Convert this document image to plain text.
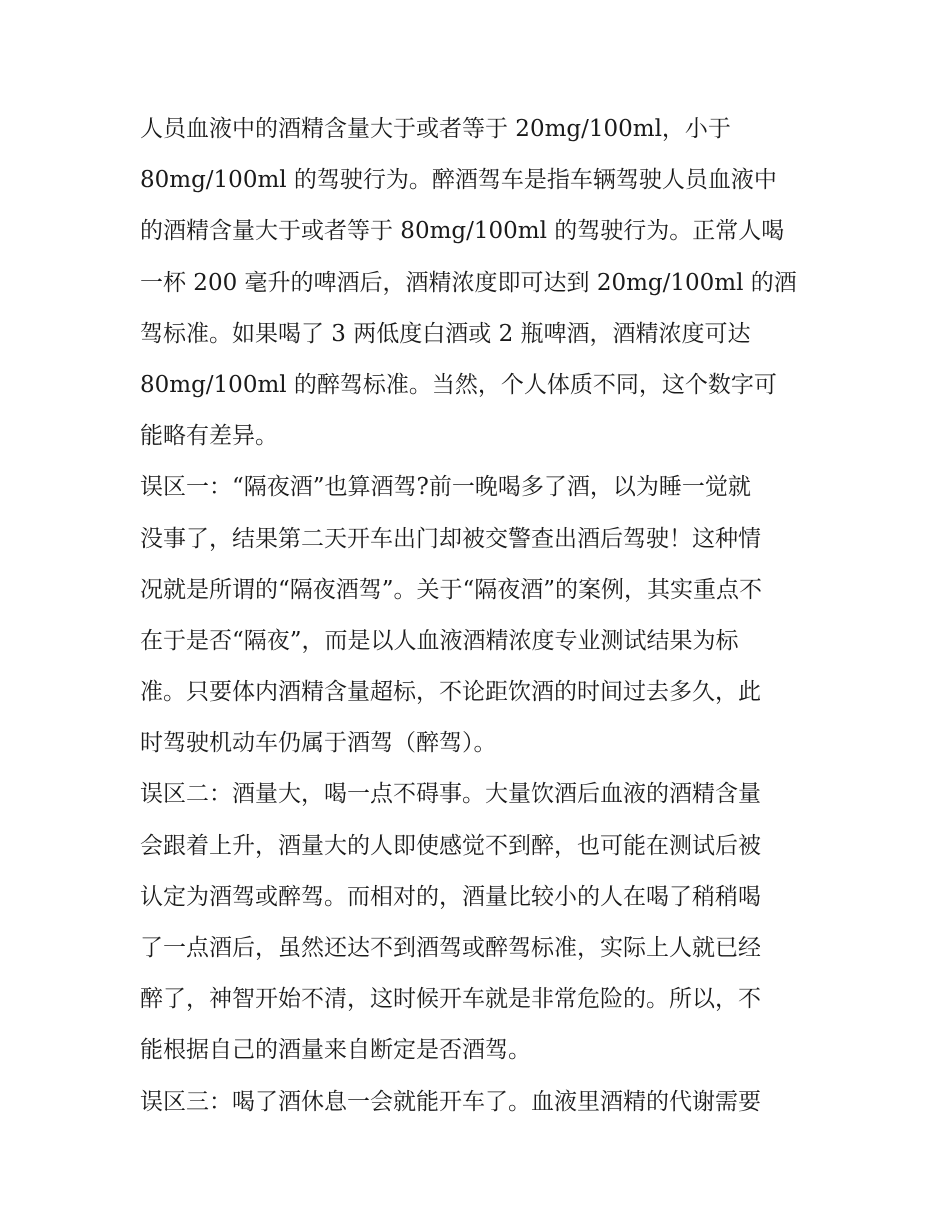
人员血液中的酒精含量大于或者等于 20mg/100ml，小于
80mg/100ml 的驾驶行为。醉酒驾车是指车辆驾驶人员血液中
的酒精含量大于或者等于 80mg/100ml 的驾驶行为。正常人喝
一杯 200 毫升的啤酒后，酒精浓度即可达到 20mg/100ml 的酒
驾标准。如果喝了 3 两低度白酒或 2 瓶啤酒，酒精浓度可达
80mg/100ml 的醉驾标准。当然，个人体质不同，这个数字可
能略有差异。
误区一：“隔夜酒”也算酒驾?前一晚喝多了酒，以为睡一觉就
没事了，结果第二天开车出门却被交警查出酒后驾驶！这种情
况就是所谓的“隔夜酒驾”。关于“隔夜酒”的案例，其实重点不
在于是否“隔夜”，而是以人血液酒精浓度专业测试结果为标
准。只要体内酒精含量超标，不论距饮酒的时间过去多久，此
时驾驶机动车仍属于酒驾（醉驾）。
误区二：酒量大，喝一点不碍事。大量饮酒后血液的酒精含量
会跟着上升，酒量大的人即使感觉不到醉，也可能在测试后被
认定为酒驾或醉驾。而相对的，酒量比较小的人在喝了稍稍喝
了一点酒后，虽然还达不到酒驾或醉驾标准，实际上人就已经
醉了，神智开始不清，这时候开车就是非常危险的。所以，不
能根据自己的酒量来自断定是否酒驾。
误区三：喝了酒休息一会就能开车了。血液里酒精的代谢需要
